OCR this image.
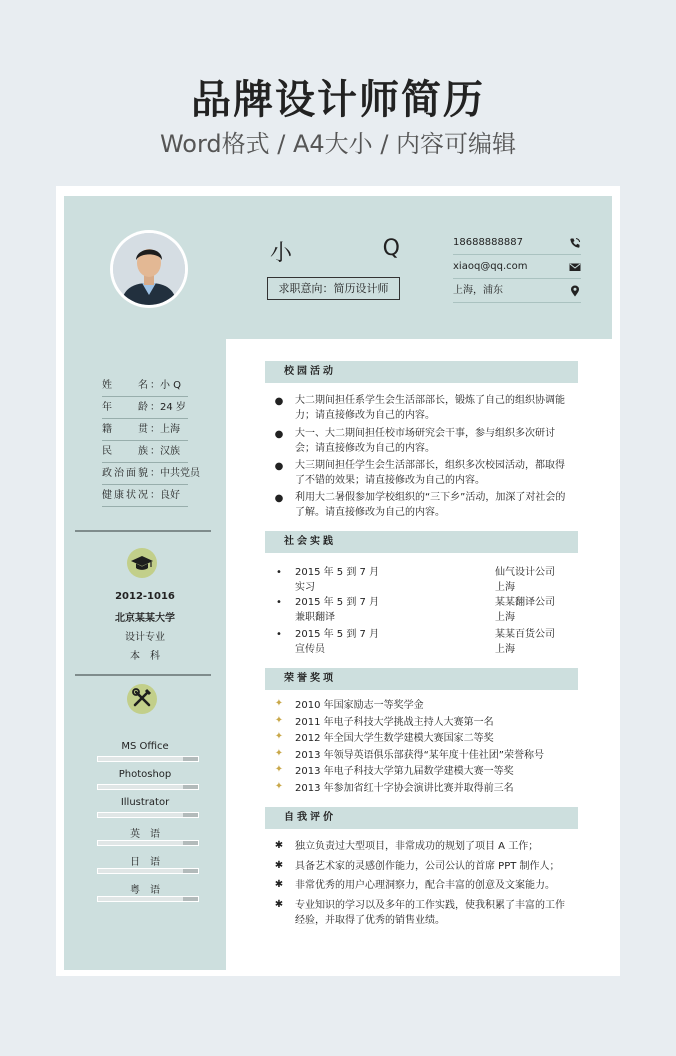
品牌设计师简历
Word格式 / A4大小 / 内容可编辑
小	Q
求职意向：简历设计师
18688888887
xiaoq@qq.com
上海，浦东
姓名 ：小 Q
年龄 ：24 岁
籍贯 ：上海
民族 ：汉族
政治面貌 ：中共党员
健康状况 ：良好
2012-1016
北京某某大学
设计专业
本　科
MS Office
Photoshop
Illustrator
英　语
日　语
粤　语
校园活动
● 大二期间担任系学生会生活部部长，锻炼了自己的组织协调能力；请直接修改为自己的内容。
● 大一、大二期间担任校市场研究会干事，参与组织多次研讨会；请直接修改为自己的内容。
● 大三期间担任学生会生活部部长，组织多次校园活动，都取得了不错的效果；请直接修改为自己的内容。
● 利用大二暑假参加学校组织的“三下乡”活动，加深了对社会的了解。请直接修改为自己的内容。
社会实践
• 2015 年 5 到 7 月
实习
仙气设计公司
上海
• 2015 年 5 到 7 月
兼职翻译
某某翻译公司
上海
• 2015 年 5 到 7 月
宣传员
某某百货公司
上海
荣誉奖项
✦ 2010 年国家励志一等奖学金
✦ 2011 年电子科技大学挑战主持人大赛第一名
✦ 2012 年全国大学生数学建模大赛国家二等奖
✦ 2013 年领导英语俱乐部获得“某年度十佳社团”荣誉称号
✦ 2013 年电子科技大学第九届数学建模大赛一等奖
✦ 2013 年参加省红十字协会演讲比赛并取得前三名
自我评价
✱ 独立负责过大型项目，非常成功的规划了项目 A 工作；
✱ 具备艺术家的灵感创作能力，公司公认的首席 PPT 制作人；
✱ 非常优秀的用户心理洞察力，配合丰富的创意及文案能力。
✱ 专业知识的学习以及多年的工作实践，使我积累了丰富的工作经验，并取得了优秀的销售业绩。
